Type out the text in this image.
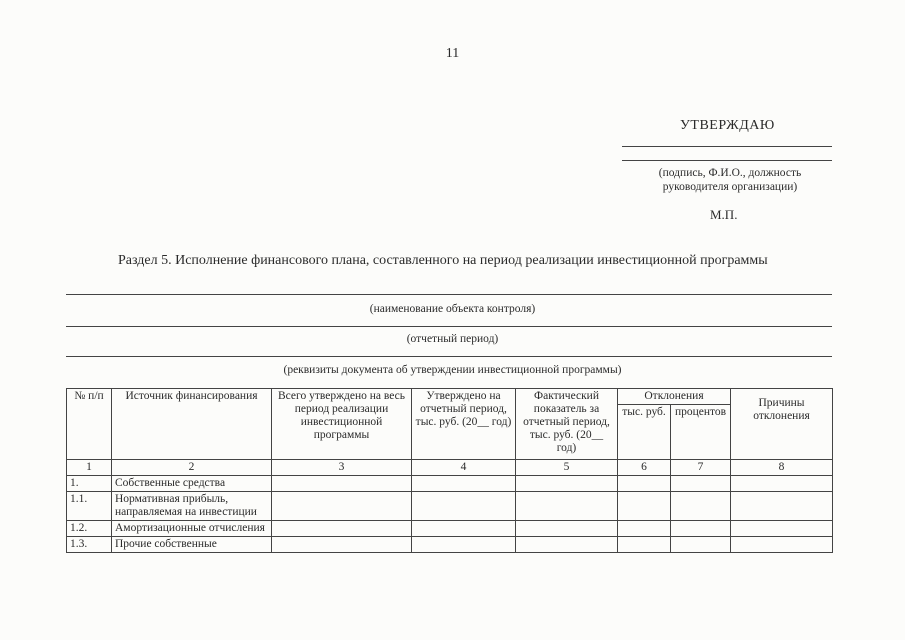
11
УТВЕРЖДАЮ
(подпись, Ф.И.О., должность
руководителя организации)
М.П.
Раздел 5. Исполнение финансового плана, составленного на период реализации инвестиционной программы
(наименование объекта контроля)
(отчетный период)
(реквизиты документа об утверждении инвестиционной программы)
№ п/п	Источник финансирования	Всего утверждено на весь период реализации инвестиционной программы	Утверждено на отчетный период, тыс. руб. (20__ год)	Фактический показатель за отчетный период, тыс. руб. (20__ год)	Отклонения		Причины отклонения
					тыс. руб.	процентов	
1	2	3	4	5	6	7	8
1.	Собственные средства						
1.1.	Нормативная прибыль, направляемая на инвестиции						
1.2.	Амортизационные отчисления						
1.3.	Прочие собственные						
